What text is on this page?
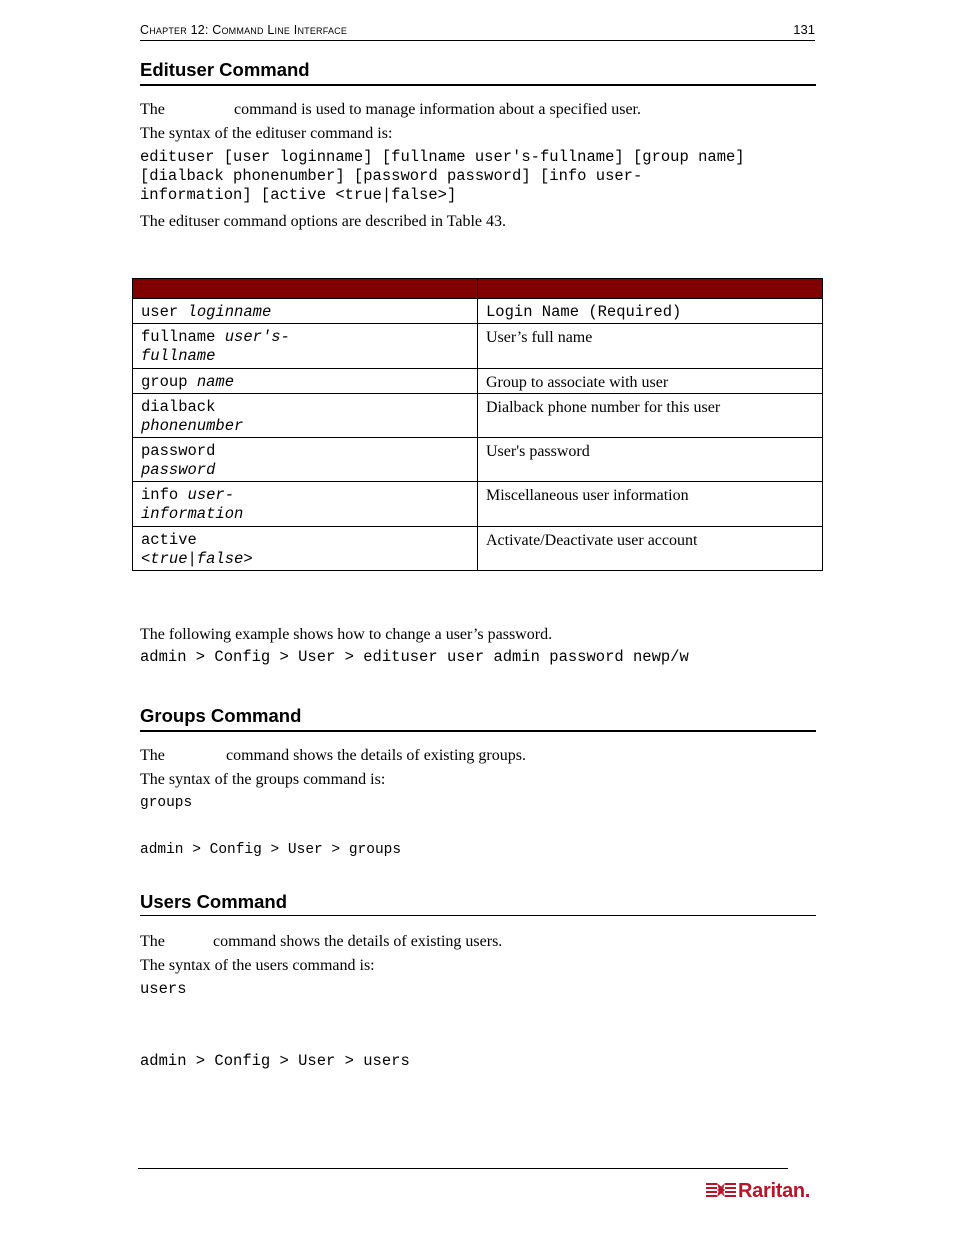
Chapter 12: Command Line Interface	131
Edituser Command
The	command is used to manage information about a specified user.
The syntax of the edituser command is:
edituser [user loginname] [fullname user's-fullname] [group name]
[dialback phonenumber] [password password] [info user-
information] [active <true|false>]
The edituser command options are described in Table 43.

user loginname	Login Name (Required)
fullname user's-
fullname	User’s full name
group name	Group to associate with user
dialback
phonenumber	Dialback phone number for this user
password
password	User's password
info user-
information	Miscellaneous user information
active
<true|false>	Activate/Deactivate user account
The following example shows how to change a user’s password.
admin > Config > User > edituser user admin password newp/w
Groups Command
The	command shows the details of existing groups.
The syntax of the groups command is:
groups
admin > Config > User > groups
Users Command
The	command shows the details of existing users.
The syntax of the users command is:
users
admin > Config > User > users
Raritan.
